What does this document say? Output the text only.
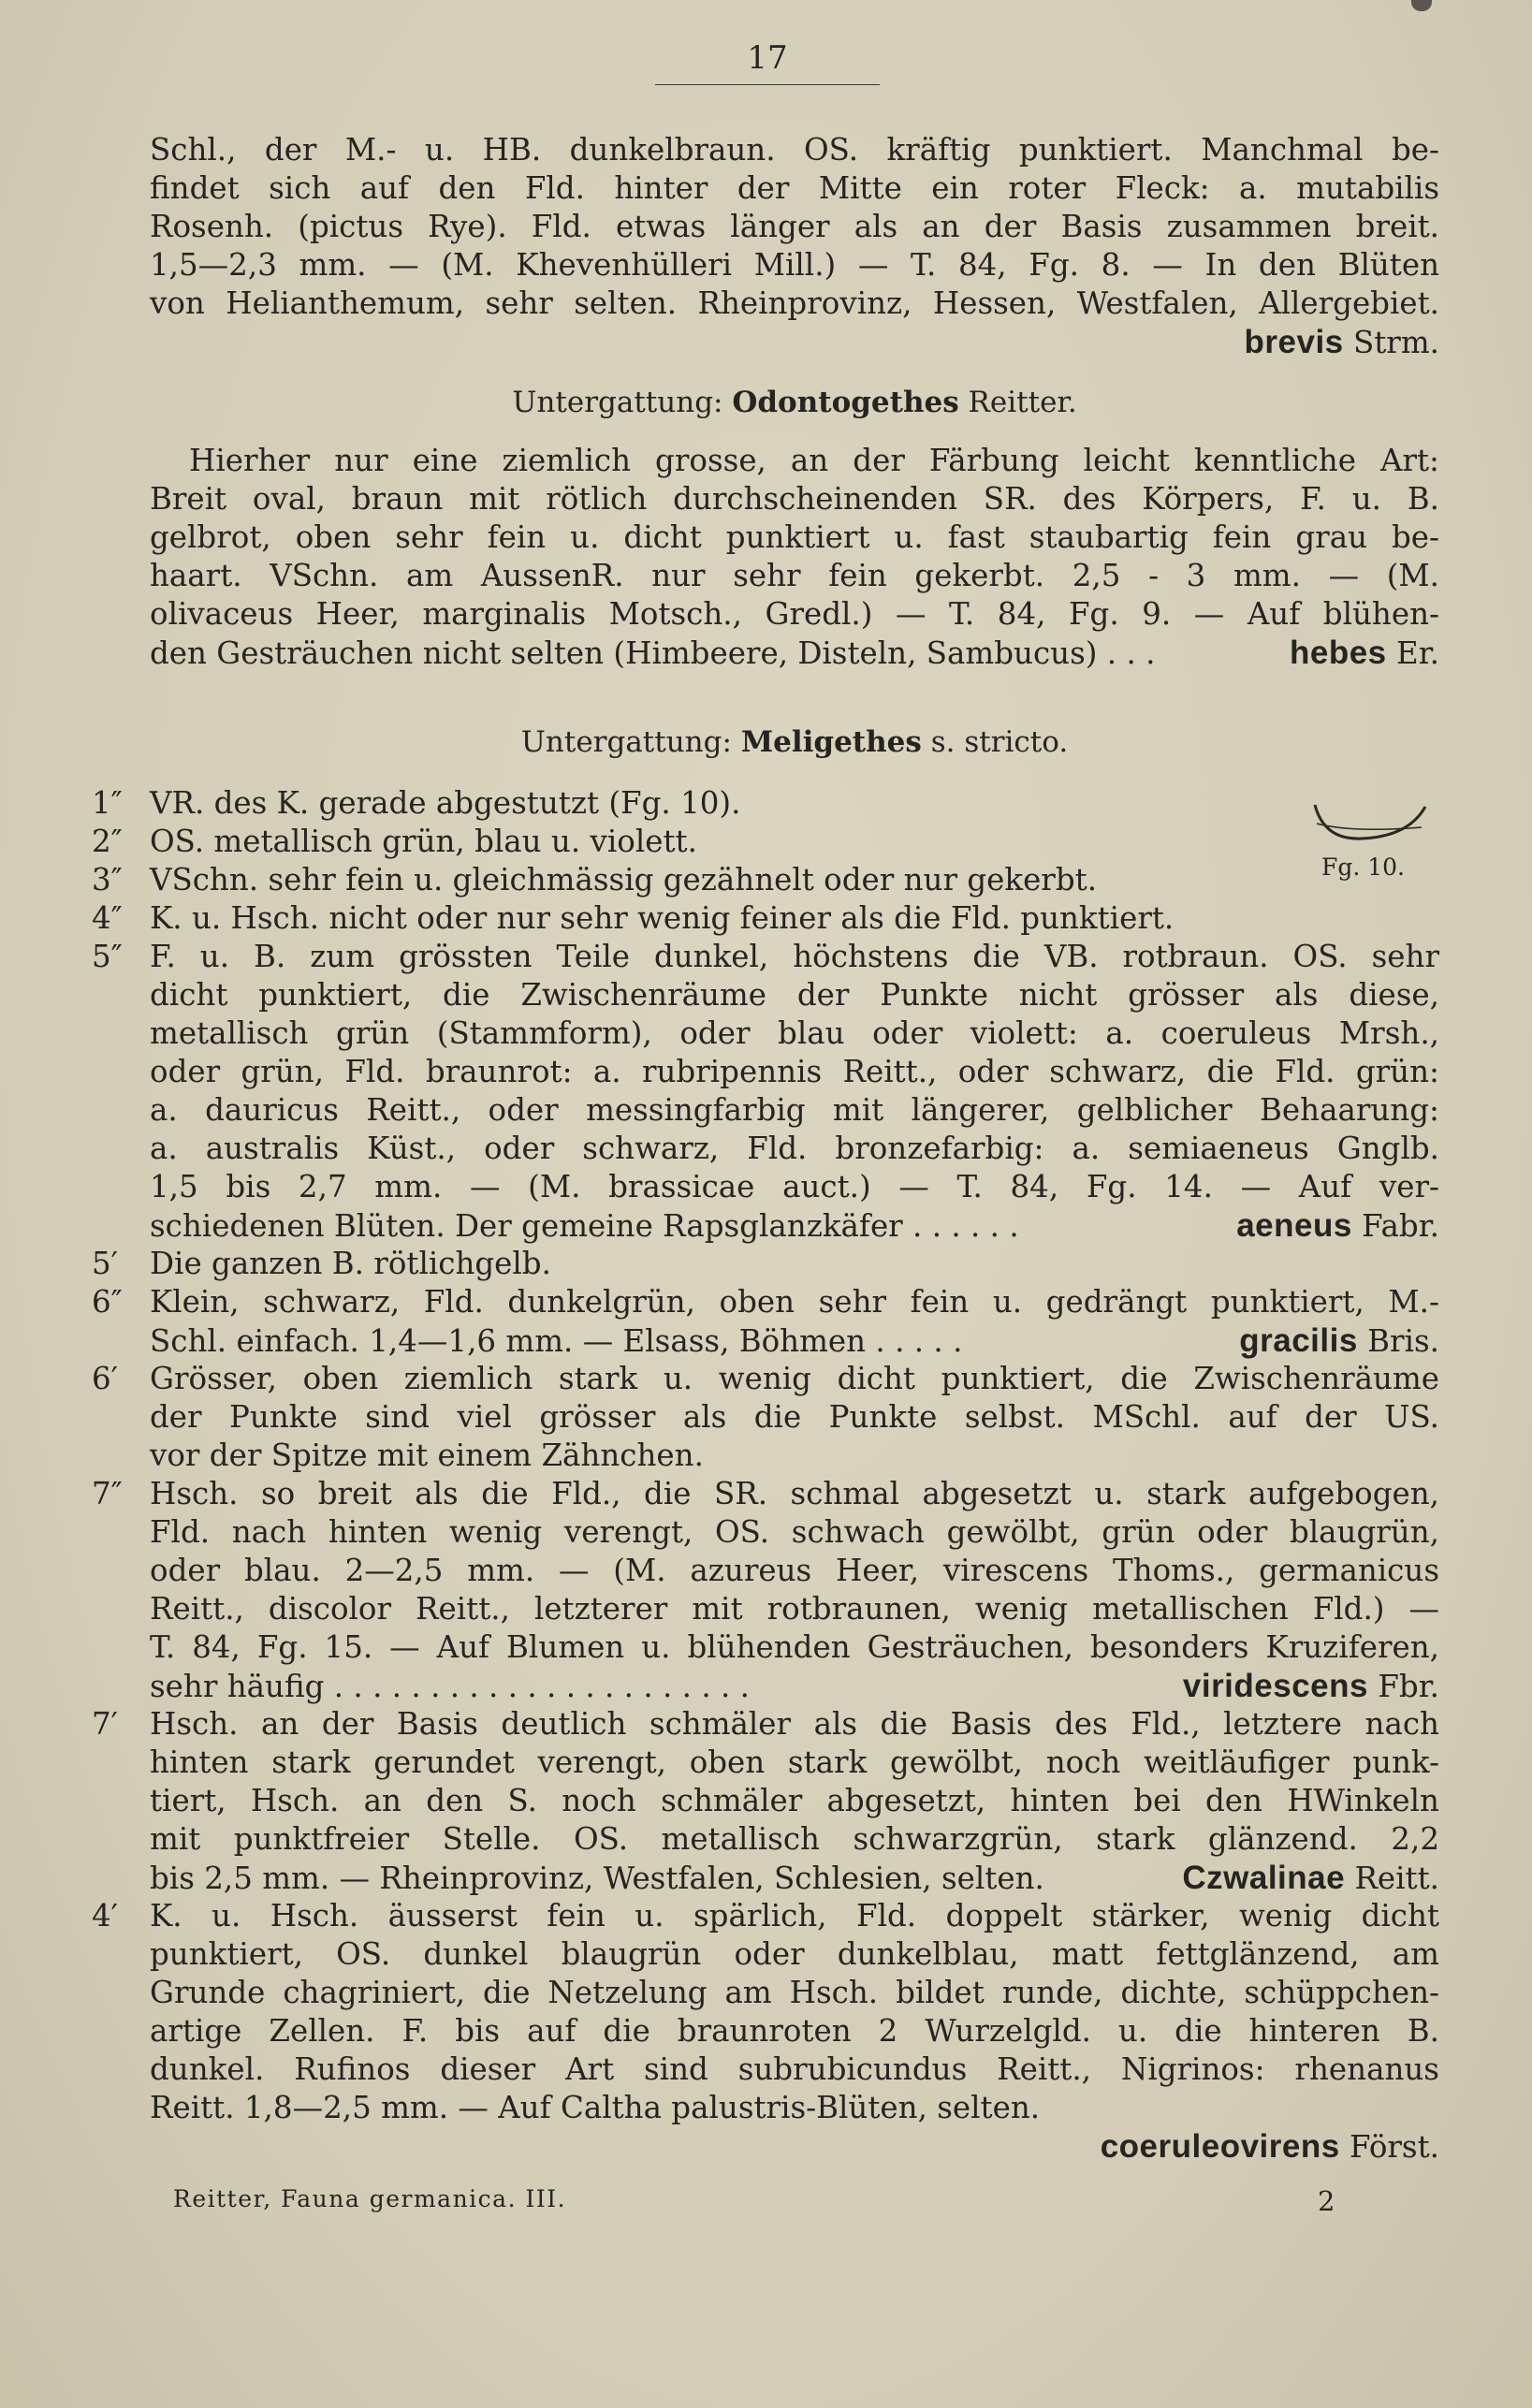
17
Schl., der M.- u. HB. dunkelbraun. OS. kräftig punktiert. Manchmal be-
findet sich auf den Fld. hinter der Mitte ein roter Fleck: a. mutabilis
Rosenh. (pictus Rye). Fld. etwas länger als an der Basis zusammen breit.
1,5—2,3 mm. — (M. Khevenhülleri Mill.) — T. 84, Fg. 8. — In den Blüten
von Helianthemum, sehr selten. Rheinprovinz, Hessen, Westfalen, Allergebiet.
brevis Strm.
Untergattung: Odontogethes Reitter.
Hierher nur eine ziemlich grosse, an der Färbung leicht kenntliche Art:
Breit oval, braun mit rötlich durchscheinenden SR. des Körpers, F. u. B.
gelbrot, oben sehr fein u. dicht punktiert u. fast staubartig fein grau be-
haart. VSchn. am AussenR. nur sehr fein gekerbt. 2,5 - 3 mm. — (M.
olivaceus Heer, marginalis Motsch., Gredl.) — T. 84, Fg. 9. — Auf blühen-
den Gesträuchen nicht selten (Himbeere, Disteln, Sambucus) . . .	hebes Er.
Untergattung: Meligethes s. stricto.
Fg. 10.
1″ VR. des K. gerade abgestutzt (Fg. 10).
2″ OS. metallisch grün, blau u. violett.
3″ VSchn. sehr fein u. gleichmässig gezähnelt oder nur gekerbt.
4″ K. u. Hsch. nicht oder nur sehr wenig feiner als die Fld. punktiert.
5″ F. u. B. zum grössten Teile dunkel, höchstens die VB. rotbraun. OS. sehr
dicht punktiert, die Zwischenräume der Punkte nicht grösser als diese,
metallisch grün (Stammform), oder blau oder violett: a. coeruleus Mrsh.,
oder grün, Fld. braunrot: a. rubripennis Reitt., oder schwarz, die Fld. grün:
a. dauricus Reitt., oder messingfarbig mit längerer, gelblicher Behaarung:
a. australis Küst., oder schwarz, Fld. bronzefarbig: a. semiaeneus Gnglb.
1,5 bis 2,7 mm. — (M. brassicae auct.) — T. 84, Fg. 14. — Auf ver-
schiedenen Blüten. Der gemeine Rapsglanzkäfer . . . . . .	aeneus Fabr.
5′	Die ganzen B. rötlichgelb.
6″ Klein, schwarz, Fld. dunkelgrün, oben sehr fein u. gedrängt punktiert, M.-
Schl. einfach. 1,4—1,6 mm. — Elsass, Böhmen . . . . .	gracilis Bris.
6′	Grösser, oben ziemlich stark u. wenig dicht punktiert, die Zwischenräume
der Punkte sind viel grösser als die Punkte selbst. MSchl. auf der US.
vor der Spitze mit einem Zähnchen.
7″ Hsch. so breit als die Fld., die SR. schmal abgesetzt u. stark aufgebogen,
Fld. nach hinten wenig verengt, OS. schwach gewölbt, grün oder blaugrün,
oder blau. 2—2,5 mm. — (M. azureus Heer, virescens Thoms., germanicus
Reitt., discolor Reitt., letzterer mit rotbraunen, wenig metallischen Fld.) —
T. 84, Fg. 15. — Auf Blumen u. blühenden Gesträuchen, besonders Kruziferen,
sehr häufig . . . . . . . . . . . . . . . . . . . . . .	viridescens Fbr.
7′	Hsch. an der Basis deutlich schmäler als die Basis des Fld., letztere nach
hinten stark gerundet verengt, oben stark gewölbt, noch weitläufiger punk-
tiert, Hsch. an den S. noch schmäler abgesetzt, hinten bei den HWinkeln
mit punktfreier Stelle. OS. metallisch schwarzgrün, stark glänzend. 2,2
bis 2,5 mm. — Rheinprovinz, Westfalen, Schlesien, selten.	Czwalinae Reitt.
4′	K. u. Hsch. äusserst fein u. spärlich, Fld. doppelt stärker, wenig dicht
punktiert, OS. dunkel blaugrün oder dunkelblau, matt fettglänzend, am
Grunde chagriniert, die Netzelung am Hsch. bildet runde, dichte, schüppchen-
artige Zellen. F. bis auf die braunroten 2 Wurzelgld. u. die hinteren B.
dunkel. Rufinos dieser Art sind subrubicundus Reitt., Nigrinos: rhenanus
Reitt. 1,8—2,5 mm. — Auf Caltha palustris-Blüten, selten.
coeruleovirens Först.
Reitter, Fauna germanica. III.	2
